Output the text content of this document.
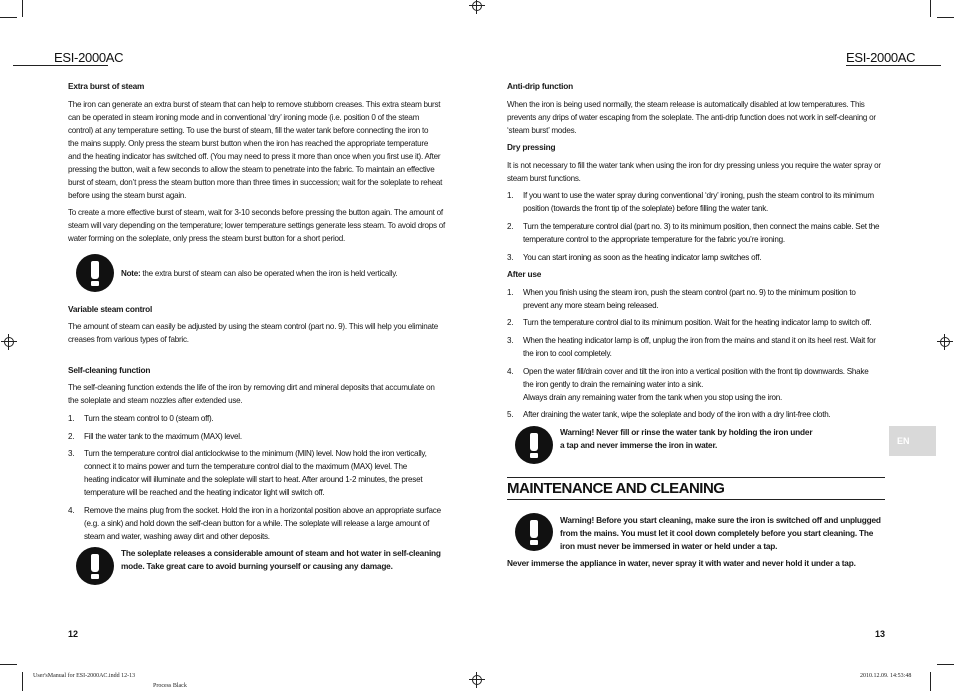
ESI-2000AC	ESI-2000AC
Extra burst of steam

The iron can generate an extra burst of steam that can help to remove stubborn creases. This extra steam burst

can be operated in steam ironing mode and in conventional ‘dry’ ironing mode (i.e. position 0 of the steam

control) at any temperature setting. To use the burst of steam, fill the water tank before connecting the iron to

the mains supply. Only press the steam burst button when the iron has reached the appropriate temperature

and the heating indicator has switched off. (You may need to press it more than once when you first use it). After

pressing the button, wait a few seconds to allow the steam to penetrate into the fabric. To maintain an effective

burst of steam, don’t press the steam button more than three times in succession; wait for the soleplate to reheat

before using the steam burst again.

To create a more effective burst of steam, wait for 3-10 seconds before pressing the button again. The amount of

steam will vary depending on the temperature; lower temperature settings generate less steam. To avoid drops of

water forming on the soleplate, only press the steam burst button for a short period.

Note: the extra burst of steam can also be operated when the iron is held vertically.
Variable steam control

The amount of steam can easily be adjusted by using the steam control (part no. 9). This will help you eliminate

creases from various types of fabric.

Self-cleaning function

The self-cleaning function extends the life of the iron by removing dirt and mineral deposits that accumulate on

the soleplate and steam nozzles after extended use.

1.	Turn the steam control to 0 (steam off).

2.	Fill the water tank to the maximum (MAX) level.

3.	Turn the temperature control dial anticlockwise to the minimum (MIN) level. Now hold the iron vertically,

connect it to mains power and turn the temperature control dial to the maximum (MAX) level. The

heating indicator will illuminate and the soleplate will start to heat. After around 1-2 minutes, the preset

temperature will be reached and the heating indicator light will switch off.

4.	Remove the mains plug from the socket. Hold the iron in a horizontal position above an appropriate surface

(e.g. a sink) and hold down the self-clean button for a while. The soleplate will release a large amount of

steam and water, washing away dirt and other deposits.

The soleplate releases a considerable amount of steam and hot water in self-cleaning

mode. Take great care to avoid burning yourself or causing any damage.

12
Anti-drip function

When the iron is being used normally, the steam release is automatically disabled at low temperatures. This

prevents any drips of water escaping from the soleplate. The anti-drip function does not work in self-cleaning or

‘steam burst’ modes.

Dry pressing

It is not necessary to fill the water tank when using the iron for dry pressing unless you require the water spray or

steam burst functions.

1.	If you want to use the water spray during conventional ‘dry’ ironing, push the steam control to its minimum

position (towards the front tip of the soleplate) before filling the water tank.

2.	Turn the temperature control dial (part no. 3) to its minimum position, then connect the mains cable. Set the

temperature control to the appropriate temperature for the fabric you’re ironing.

3.	You can start ironing as soon as the heating indicator lamp switches off.

After use
1.	When you finish using the steam iron, push the steam control (part no. 9) to the minimum position to

prevent any more steam being released.

2.	Turn the temperature control dial to its minimum position. Wait for the heating indicator lamp to switch off.

3.	When the heating indicator lamp is off, unplug the iron from the mains and stand it on its heel rest. Wait for

the iron to cool completely.

4.	Open the water fill/drain cover and tilt the iron into a vertical position with the front tip downwards. Shake

the iron gently to drain the remaining water into a sink.

Always drain any remaining water from the tank when you stop using the iron.

5.	After draining the water tank, wipe the soleplate and body of the iron with a dry lint-free cloth.

Warning! Never fill or rinse the water tank by holding the iron under

a tap and never immerse the iron in water.	EN
MAINTENANCE AND CLEANING

Warning! Before you start cleaning, make sure the iron is switched off and unplugged

from the mains. You must let it cool down completely before you start cleaning. The

iron must never be immersed in water or held under a tap.

Never immerse the appliance in water, never spray it with water and never hold it under a tap.
13
User'sManual for ESI-2000AC.indd 12-13
Process Black
2010.12.09. 14:53:48
